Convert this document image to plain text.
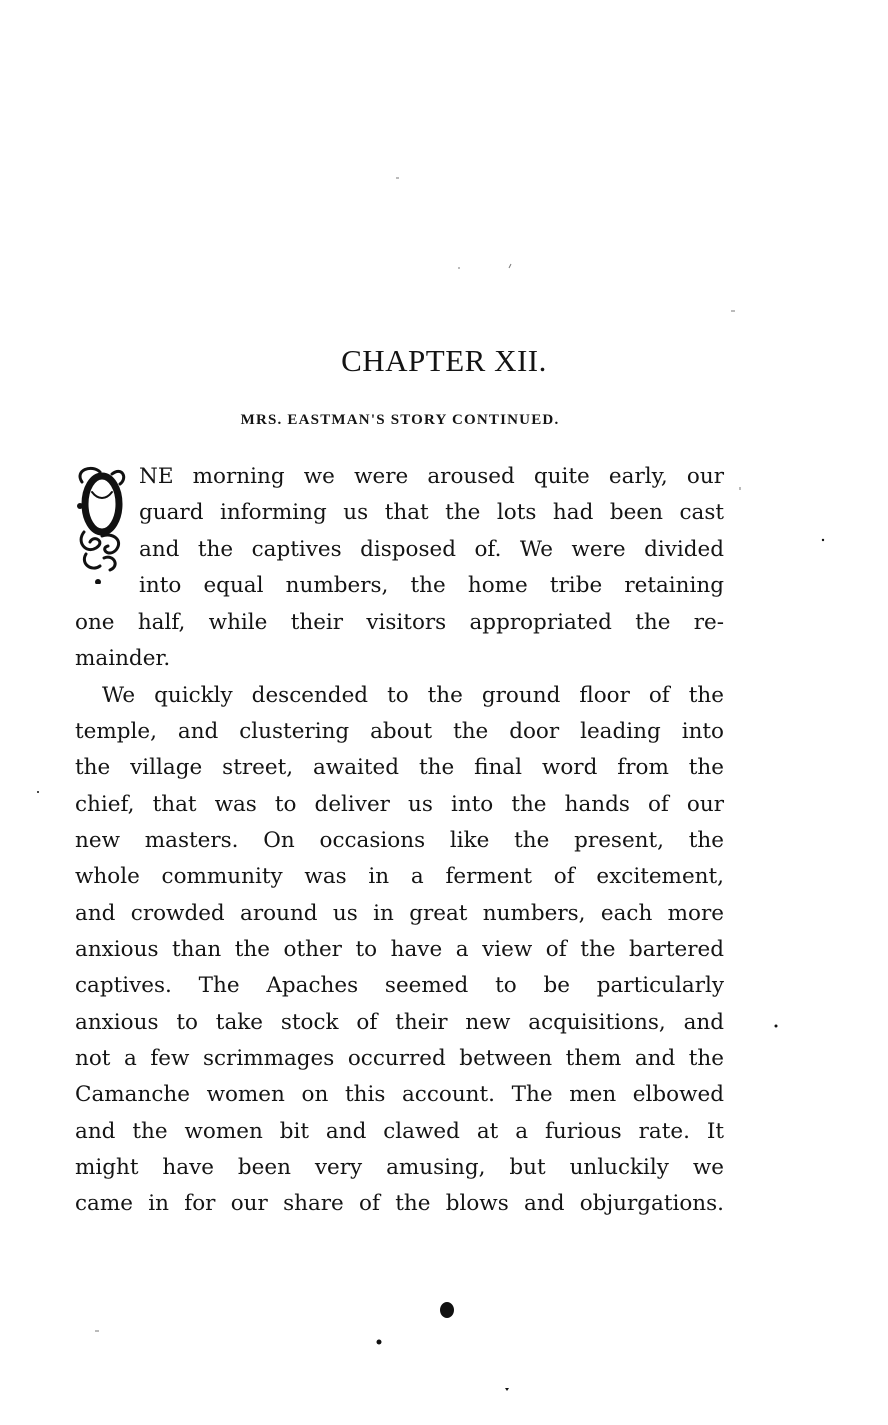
CHAPTER XII.
MRS. EASTMAN'S STORY CONTINUED.

NE morning we were aroused quite early, our

guard informing us that the lots had been cast

and the captives disposed of. We were divided

into equal numbers, the home tribe retaining

one half, while their visitors appropriated the re-

mainder.

We quickly descended to the ground floor of the

temple, and clustering about the door leading into

the village street, awaited the final word from the

chief, that was to deliver us into the hands of our

new masters. On occasions like the present, the

whole community was in a ferment of excitement,

and crowded around us in great numbers, each more

anxious than the other to have a view of the bartered

captives. The Apaches seemed to be particularly

anxious to take stock of their new acquisitions, and

not a few scrimmages occurred between them and the

Camanche women on this account. The men elbowed

and the women bit and clawed at a furious rate. It

might have been very amusing, but unluckily we

came in for our share of the blows and objurgations.
